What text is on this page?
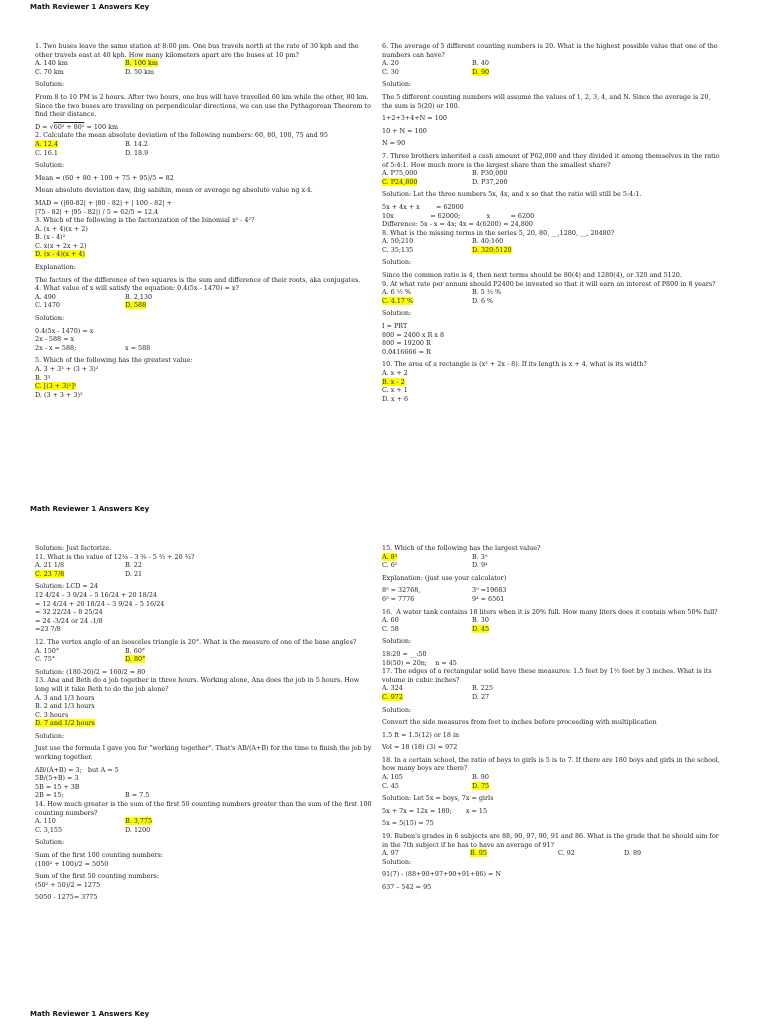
Math Reviewer 1 Answers Key

1. Two buses leave the same station at 8:00 pm. One bus travels north at the rate of 30 kph and the other travels east at 40 kph. How many kilometers apart are the buses at 10 pm?

A. 140 km	B. 100 km
C. 70 km	D. 50 km

Solution:

From 8 to 10 PM is 2 hours. After two hours, one bus will have travelled 60 km while the other, 80 km. Since the two buses are traveling on perpendicular directions, we can use the Pythagorean Theorem to find their distance.

D = √60² + 80² = 100 km

2. Calculate the mean absolute deviation of the following numbers: 60, 80, 100, 75 and 95

A. 12.4	B. 14.2
C. 16.1	D. 18.9

Solution:

Mean = (60 + 80 + 100 + 75 + 95)/5 = 82

Mean absolute deviation daw, ibig sabihin, mean or average ng absolute value ng x-x̄.

MAD = (|60-82| + |80 - 82| + | 100 - 82| +
|75 - 82| + |95 - 82|) / 5 = 62/5 = 12.4

3. Which of the following is the factorization of the binomial x² - 4²?

A. (x + 4)(x + 2)

B. (x - 4)²

C. x(x + 2x + 2)

D. (x - 4)(x + 4)

Explanation:

The factors of the difference of two squares is the sum and difference of their roots, aka conjugates.

4. What value of x will satisfy the equation: 0.4(5x - 1470) = x?

A. 490	B. 2,130
C. 1470	D. 588

Solution:

0.4(5x - 1470) = x

2x - 588 = x

2x - x = 588;	x = 588

5. Which of the following has the greatest value:

A. 3 + 3² + (3 + 3)²

B. 3³

C. [(3 + 3)²]²

D. (3 + 3 + 3)²

6. The average of 5 different counting numbers is 20. What is the highest possible value that one of the numbers can have?

A. 20	B. 40
C. 30	D. 90

Solution:

The 5 different counting numbers will assume the values of 1, 2, 3, 4, and N. Since the average is 20, the sum is 5(20) or 100.

1+2+3+4+N = 100

10 + N = 100

N = 90

7. Three brothers inherited a cash amount of P62,000 and they divided it among themselves in the ratio of 5:4:1. How much more is the largest share than the smallest share?

A. P75,000	B. P30,000
C. P24,800	D. P37,200

Solution: Let the three numbers 5x, 4x, and x so that the ratio will still be 5:4:1.

5x + 4x + x        = 62000

10x                  = 62000;             x          = 6200

Difference: 5x - x = 4x; 4x = 4(6200) = 24,800

8. What is the missing terms in the series 5, 20, 80, __,1280, __, 20480?

A. 50;210	B. 40;160
C. 35;135	D. 320;5120

Solution:

Since the common ratio is 4, then next terms should be 80(4) and 1280(4), or 320 and 5120.

9. At what rate per annum should P2400 be invested so that it will earn an interest of P800 in 8 years?

A. 6 ½ %	B. 5 ½ %
C. 4.17 %	D. 6 %

Solution:

I = PRT

800 = 2400 x R x 8

800 = 19200 R

0.0416666 = R

10. The area of a rectangle is (x² + 2x - 8). If its length is x + 4, what is its width?

A. x + 2

B. x - 2

C. x + 1

D. x + 6

Math Reviewer 1 Answers Key

Solution: Just factorize.

11. What is the value of 12⅛ - 3 ⅜ - 5 ⅔ + 20 ¾?

A. 21 1/8	B. 22
C. 23 7/8	D. 21

Solution: LCD = 24
12 4/24 – 3 9/24 – 5 16/24 + 20 18/24
= 12 4/24 + 20 18/24 – 3 9/24 – 5 16/24
= 32 22/24 – 8 25/24
= 24 -3/24 or 24 -1/8
=23 7/8

12. The vertex angle of an isosceles triangle is 20°. What is the measure of one of the base angles?

A. 150°	B. 60°
C. 75°	D. 80°

Solution: (180-20)/2 = 160/2 = 80

13. Ana and Beth do a job together in three hours. Working alone, Ana does the job in 5 hours. How long will it take Beth to do the job alone?

A. 3 and 1/3 hours

B. 2 and 1/3 hours

C. 3 hours

D. 7 and 1/2 hours

Solution:

Just use the formula I gave you for "working together". That's AB/(A+B) for the time to finish the job by working together.

AB/(A+B) = 3;   but A = 5

5B/(5+B) = 3

5B = 15 + 3B

2B = 15;	B = 7.5

14. How much greater is the sum of the first 50 counting numbers greater than the sum of the first 100 counting numbers?

A. 110	B. 3,775
C. 3,155	D. 1200

Solution:

Sum of the first 100 counting numbers:
(100² + 100)/2 = 5050

Sum of the first 50 counting numbers:
(50² + 50)/2 = 1275

5050 - 1275= 3775

15. Which of the following has the largest value?

A. 8⁵	B. 3⁹
C. 6⁵	D. 9⁴

Explanation: (just use your calculator)

8⁵ = 32768,	3⁹ =19683
6⁵ = 7776	9⁴ = 6561

16.  A water tank contains 18 liters when it is 20% full. How many liters does it contain when 50% full?

A. 60	B. 30
C. 58	D. 45

Solution:

18:20 = __:50

18(50) = 20n;    n = 45

17. The edges of a rectangular solid have these measures: 1.5 feet by 1½ feet by 3 inches. What is its volume in cubic inches?

A. 324	B. 225
C. 972	D. 27

Solution:

Convert the side measures from feet to inches before proceeding with multiplication

1.5 ft = 1.5(12) or 18 in

Vol = 18 (18) (3) = 972

18. In a certain school, the ratio of boys to girls is 5 is to 7. If there are 180 boys and girls in the school, how many boys are there?

A. 105	B. 90
C. 45	D. 75

Solution: Let 5x = boys, 7x = girls

5x + 7x = 12x = 180;       x = 15

5x = 5(15) = 75

19. Ruben's grades in 6 subjects are 88, 90, 97, 90, 91 and 86. What is the grade that he should aim for in the 7th subject if he has to have an average of 91?

A. 97	B. 95	C. 92	D. 89

Solution:

91(7) - (88+90+97+90+91+86) = N

637 – 542 = 95

Math Reviewer 1 Answers Key
